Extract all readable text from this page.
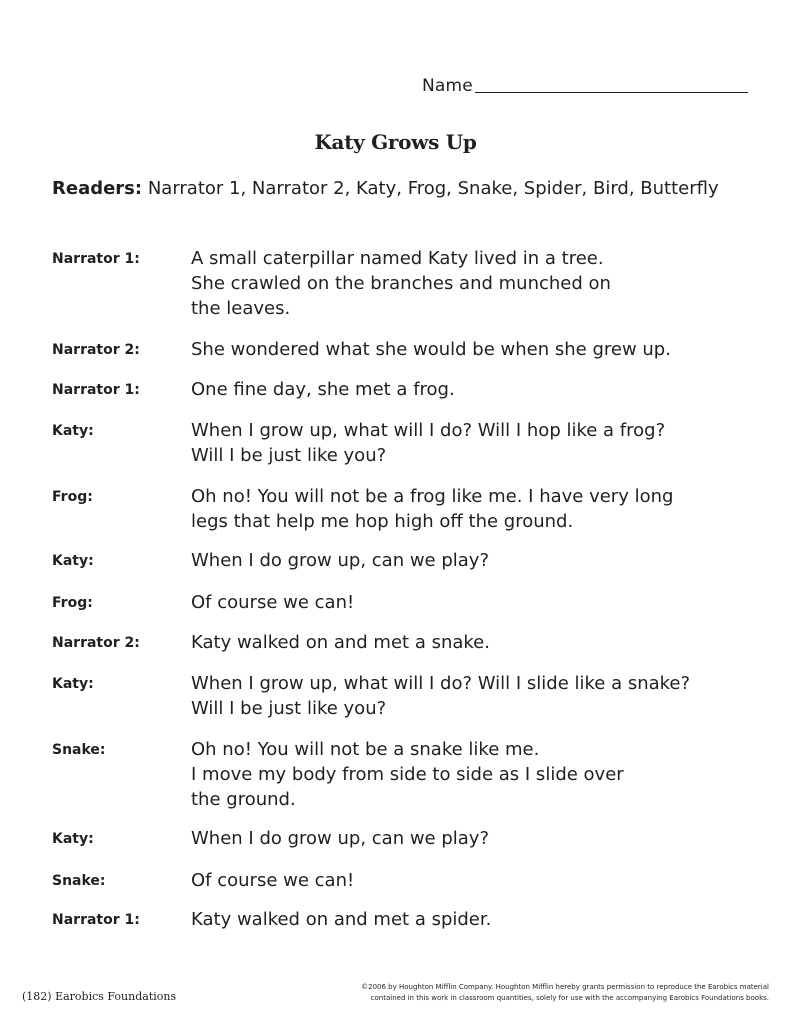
Name
Katy Grows Up
Readers: Narrator 1, Narrator 2, Katy, Frog, Snake, Spider, Bird, Butterfly
Narrator 1:	A small caterpillar named Katy lived in a tree.
She crawled on the branches and munched on
the leaves.
Narrator 2:	She wondered what she would be when she grew up.
Narrator 1:	One fine day, she met a frog.
Katy:	When I grow up, what will I do? Will I hop like a frog?
Will I be just like you?
Frog:	Oh no! You will not be a frog like me. I have very long
legs that help me hop high off the ground.
Katy:	When I do grow up, can we play?
Frog:	Of course we can!
Narrator 2:	Katy walked on and met a snake.
Katy:	When I grow up, what will I do? Will I slide like a snake?
Will I be just like you?
Snake:	Oh no! You will not be a snake like me.
I move my body from side to side as I slide over
the ground.
Katy:	When I do grow up, can we play?
Snake:	Of course we can!
Narrator 1:	Katy walked on and met a spider.
(182) Earobics Foundations
©2006 by Houghton Mifflin Company. Houghton Mifflin hereby grants permission to reproduce the Earobics material
contained in this work in classroom quantities, solely for use with the accompanying Earobics Foundations books.
